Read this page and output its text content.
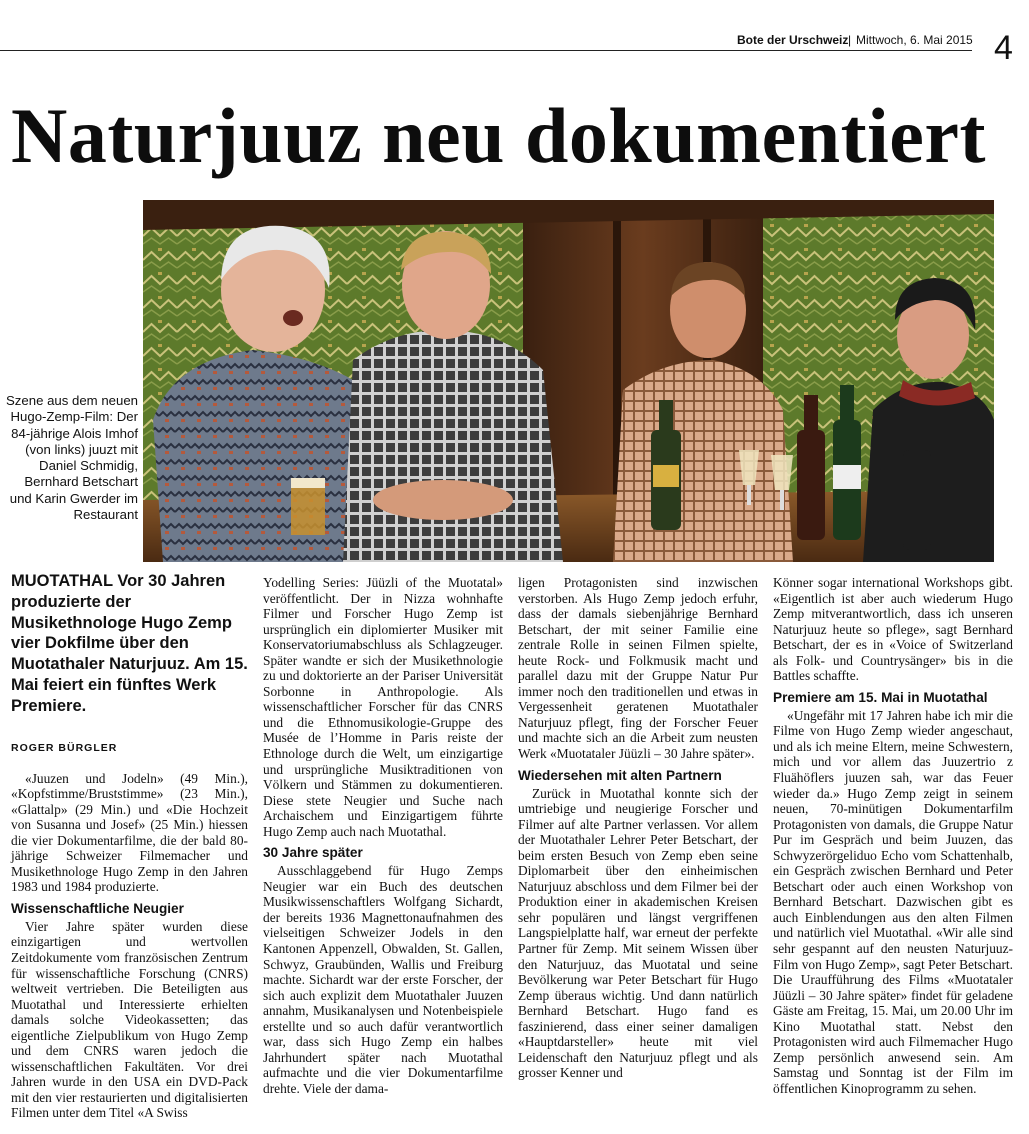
Bote der Urschweiz | Mittwoch, 6. Mai 2015 4
Naturjuuz neu dokumentiert

Szene aus dem neuen Hugo-Zemp-Film: Der 84-jährige Alois Imhof (von links) juuzt mit Daniel Schmidig, Bernhard Betschart und Karin Gwerder im Restaurant

MUOTATHAL Vor 30 Jahren produzierte der Musikethnologe Hugo Zemp vier Dokfilme über den Muotathaler Naturjuuz. Am 15. Mai feiert ein fünftes Werk Premiere.

ROGER BÜRGLER

«Juuzen und Jodeln» (49 Min.), «Kopfstimme/Bruststimme» (23 Min.), «Glattalp» (29 Min.) und «Die Hochzeit von Susanna und Josef» (25 Min.) hiessen die vier Dokumentarfilme, die der bald 80-jährige Schweizer Filmemacher und Musikethnologe Hugo Zemp in den Jahren 1983 und 1984 produzierte.

Wissenschaftliche Neugier

Vier Jahre später wurden diese einzigartigen und wertvollen Zeitdokumente vom französischen Zentrum für wissenschaftliche Forschung (CNRS) weltweit vertrieben. Die Beteiligten aus Muotathal und Interessierte erhielten damals solche Videokassetten; das eigentliche Zielpublikum von Hugo Zemp und dem CNRS waren jedoch die wissenschaftlichen Fakultäten. Vor drei Jahren wurde in den USA ein DVD-Pack mit den vier restaurierten und digitalisierten Filmen unter dem Titel «A Swiss

Yodelling Series: Jüüzli of the Muotatal» veröffentlicht. Der in Nizza wohnhafte Filmer und Forscher Hugo Zemp ist ursprünglich ein diplomierter Musiker mit Konservatoriumabschluss als Schlagzeuger. Später wandte er sich der Musikethnologie zu und doktorierte an der Pariser Universität Sorbonne in Anthropologie. Als wissenschaftlicher Forscher für das CNRS und die Ethnomusikologie-Gruppe des Musée de l’Homme in Paris reiste der Ethnologe durch die Welt, um einzigartige und ursprüngliche Musiktraditionen von Völkern und Stämmen zu dokumentieren. Diese stete Neugier und Suche nach Archaischem und Einzigartigem führte Hugo Zemp auch nach Muotathal.

30 Jahre später

Ausschlaggebend für Hugo Zemps Neugier war ein Buch des deutschen Musikwissenschaftlers Wolfgang Sichardt, der bereits 1936 Magnettonaufnahmen des vielseitigen Schweizer Jodels in den Kantonen Appenzell, Obwalden, St. Gallen, Schwyz, Graubünden, Wallis und Freiburg machte. Sichardt war der erste Forscher, der sich auch explizit dem Muotathaler Juuzen annahm, Musikanalysen und Notenbeispiele erstellte und so auch dafür verantwortlich war, dass sich Hugo Zemp ein halbes Jahrhundert später nach Muotathal aufmachte und die vier Dokumentarfilme drehte. Viele der dama-

ligen Protagonisten sind inzwischen verstorben. Als Hugo Zemp jedoch erfuhr, dass der damals siebenjährige Bernhard Betschart, der mit seiner Familie eine zentrale Rolle in seinen Filmen spielte, heute Rock- und Folkmusik macht und parallel dazu mit der Gruppe Natur Pur immer noch den traditionellen und etwas in Vergessenheit geratenen Muotathaler Naturjuuz pflegt, fing der Forscher Feuer und machte sich an die Arbeit zum neusten Werk «Muotataler Jüüzli – 30 Jahre später».

Wiedersehen mit alten Partnern

Zurück in Muotathal konnte sich der umtriebige und neugierige Forscher und Filmer auf alte Partner verlassen. Vor allem der Muotathaler Lehrer Peter Betschart, der beim ersten Besuch von Zemp eben seine Diplomarbeit über den einheimischen Naturjuuz abschloss und dem Filmer bei der Produktion einer in akademischen Kreisen sehr populären und längst vergriffenen Langspielplatte half, war erneut der perfekte Partner für Zemp. Mit seinem Wissen über den Naturjuuz, das Muotatal und seine Bevölkerung war Peter Betschart für Hugo Zemp überaus wichtig. Und dann natürlich Bernhard Betschart. Hugo fand es faszinierend, dass einer seiner damaligen «Hauptdarsteller» heute mit viel Leidenschaft den Naturjuuz pflegt und als grosser Kenner und

Könner sogar international Workshops gibt. «Eigentlich ist aber auch wiederum Hugo Zemp mitverantwortlich, dass ich unseren Naturjuuz heute so pflege», sagt Bernhard Betschart, der es in «Voice of Switzerland als Folk- und Countrysänger» bis in die Battles schaffte.

Premiere am 15. Mai in Muotathal

«Ungefähr mit 17 Jahren habe ich mir die Filme von Hugo Zemp wieder angeschaut, und als ich meine Eltern, meine Schwestern, mich und vor allem das Juuzertrio z Fluähöflers juuzen sah, war das Feuer wieder da.» Hugo Zemp zeigt in seinem neuen, 70-minütigen Dokumentarfilm Protagonisten von damals, die Gruppe Natur Pur im Gespräch und beim Juuzen, das Schwyzerörgeliduo Echo vom Schattenhalb, ein Gespräch zwischen Bernhard und Peter Betschart oder auch einen Workshop von Bernhard Betschart. Dazwischen gibt es auch Einblendungen aus den alten Filmen und natürlich viel Muotathal. «Wir alle sind sehr gespannt auf den neusten Naturjuuz-Film von Hugo Zemp», sagt Peter Betschart. Die Uraufführung des Films «Muotataler Jüüzli – 30 Jahre später» findet für geladene Gäste am Freitag, 15. Mai, um 20.00 Uhr im Kino Muotathal statt. Nebst den Protagonisten wird auch Filmemacher Hugo Zemp persönlich anwesend sein. Am Samstag und Sonntag ist der Film im öffentlichen Kinoprogramm zu sehen.
